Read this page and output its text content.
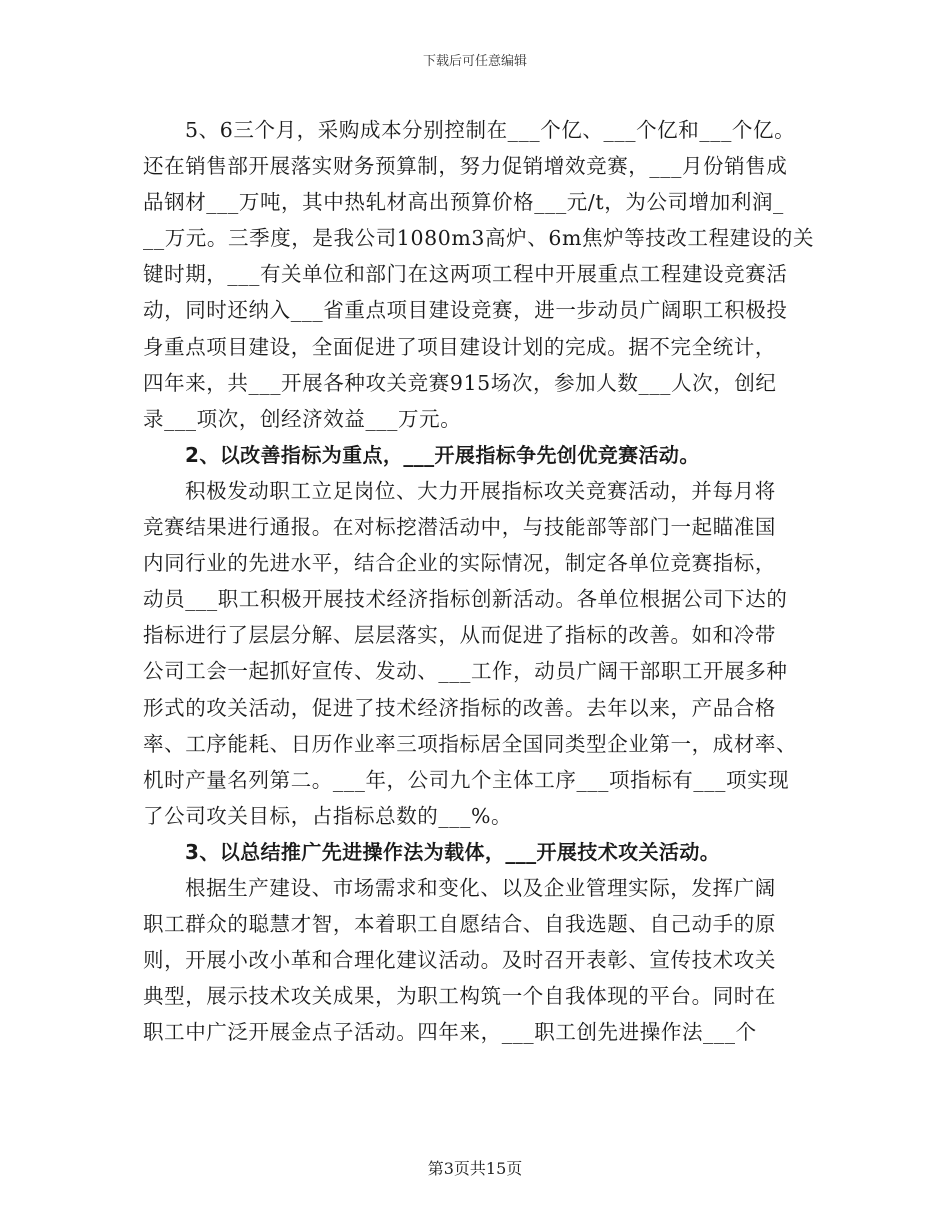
下载后可任意编辑
5、6三个月，采购成本分别控制在___个亿、___个亿和___个亿。
还在销售部开展落实财务预算制，努力促销增效竞赛，___月份销售成
品钢材___万吨，其中热轧材高出预算价格___元/t，为公司增加利润_
__万元。三季度，是我公司1080m3高炉、6m焦炉等技改工程建设的关
键时期，___有关单位和部门在这两项工程中开展重点工程建设竞赛活
动，同时还纳入___省重点项目建设竞赛，进一步动员广阔职工积极投
身重点项目建设，全面促进了项目建设计划的完成。据不完全统计，
四年来，共___开展各种攻关竞赛915场次，参加人数___人次，创纪
录___项次，创经济效益___万元。
2、以改善指标为重点，___开展指标争先创优竞赛活动。
积极发动职工立足岗位、大力开展指标攻关竞赛活动，并每月将
竞赛结果进行通报。在对标挖潜活动中，与技能部等部门一起瞄准国
内同行业的先进水平，结合企业的实际情况，制定各单位竞赛指标，
动员___职工积极开展技术经济指标创新活动。各单位根据公司下达的
指标进行了层层分解、层层落实，从而促进了指标的改善。如和冷带
公司工会一起抓好宣传、发动、___工作，动员广阔干部职工开展多种
形式的攻关活动，促进了技术经济指标的改善。去年以来，产品合格
率、工序能耗、日历作业率三项指标居全国同类型企业第一，成材率、
机时产量名列第二。___年，公司九个主体工序___项指标有___项实现
了公司攻关目标，占指标总数的___%。
3、以总结推广先进操作法为载体，___开展技术攻关活动。
根据生产建设、市场需求和变化、以及企业管理实际，发挥广阔
职工群众的聪慧才智，本着职工自愿结合、自我选题、自己动手的原
则，开展小改小革和合理化建议活动。及时召开表彰、宣传技术攻关
典型，展示技术攻关成果，为职工构筑一个自我体现的平台。同时在
职工中广泛开展金点子活动。四年来，___职工创先进操作法___个
第3页共15页
